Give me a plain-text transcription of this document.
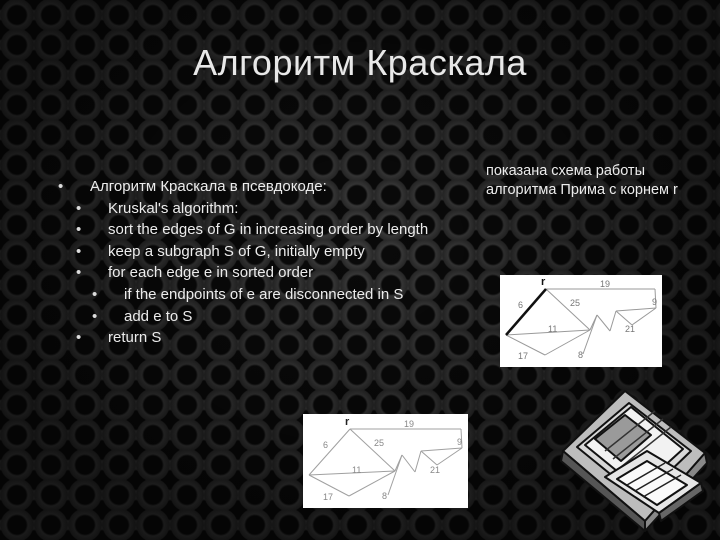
Алгоритм Краскала
• Алгоритм Краскала в псевдокоде:
• Kruskal's algorithm:
• sort the edges of G in increasing order by length
• keep a subgraph S of G, initially empty
• for each edge e in sorted order
• if the endpoints of e are disconnected in S
• add e to S
• return S
показана схема работы алгоритма Прима с корнем r
r	19
6	25	9
11	21
17	8
r	19
6	25	9
11	21
17	8
